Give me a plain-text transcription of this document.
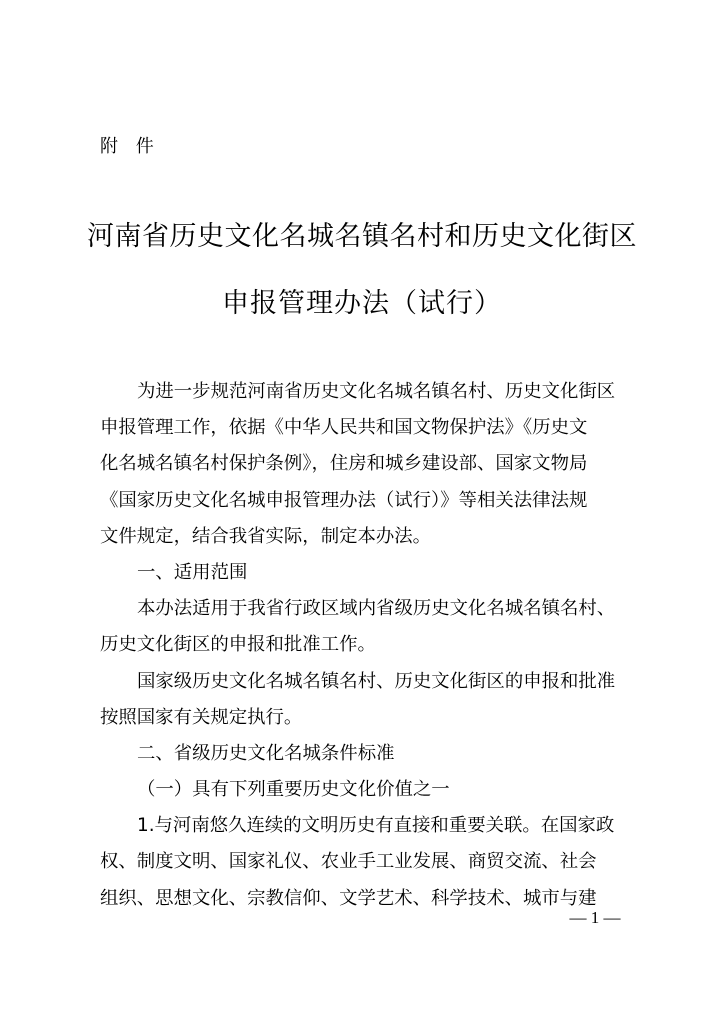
附 件
河南省历史文化名城名镇名村和历史文化街区
申报管理办法（试行）
为进一步规范河南省历史文化名城名镇名村、历史文化街区
申报管理工作，依据《中华人民共和国文物保护法》《历史文
化名城名镇名村保护条例》，住房和城乡建设部、国家文物局
《国家历史文化名城申报管理办法（试行）》等相关法律法规
文件规定，结合我省实际，制定本办法。
一、适用范围
本办法适用于我省行政区域内省级历史文化名城名镇名村、
历史文化街区的申报和批准工作。
国家级历史文化名城名镇名村、历史文化街区的申报和批准
按照国家有关规定执行。
二、省级历史文化名城条件标准
（一）具有下列重要历史文化价值之一
1.与河南悠久连续的文明历史有直接和重要关联。在国家政
权、制度文明、国家礼仪、农业手工业发展、商贸交流、社会
组织、思想文化、宗教信仰、文学艺术、科学技术、城市与建
— 1 —
